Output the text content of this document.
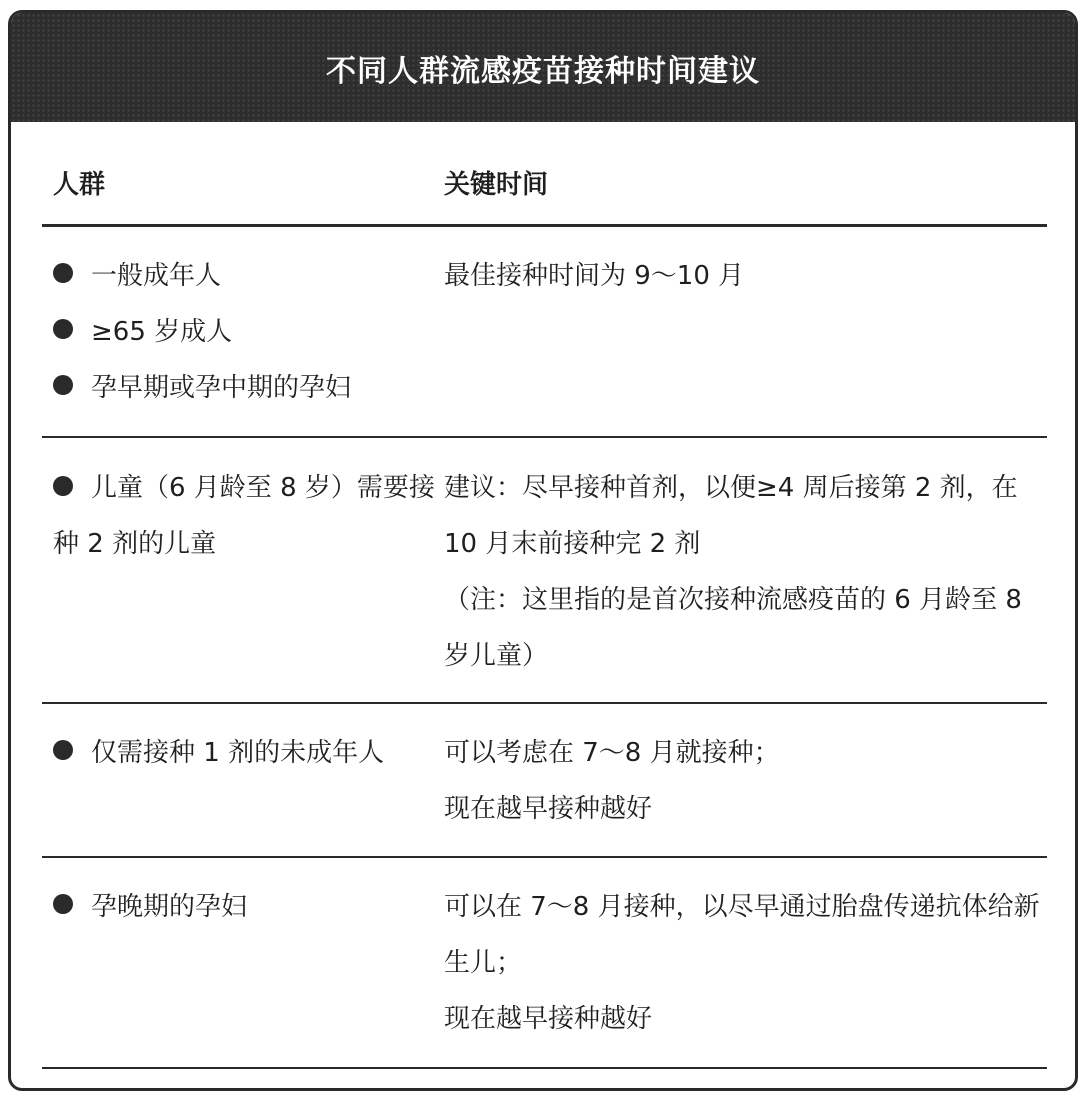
不同人群流感疫苗接种时间建议
人群	关键时间
一般成年人
≥65 岁成人
孕早期或孕中期的孕妇
最佳接种时间为 9～10 月
儿童（6 月龄至 8 岁）需要接种 2 剂的儿童
建议：尽早接种首剂，以便≥4 周后接第 2 剂，在 10 月末前接种完 2 剂
（注：这里指的是首次接种流感疫苗的 6 月龄至 8 岁儿童）
仅需接种 1 剂的未成年人 可以考虑在 7～8 月就接种；
现在越早接种越好
孕晚期的孕妇	可以在 7～8 月接种，以尽早通过胎盘传递抗体给新生儿；
现在越早接种越好
